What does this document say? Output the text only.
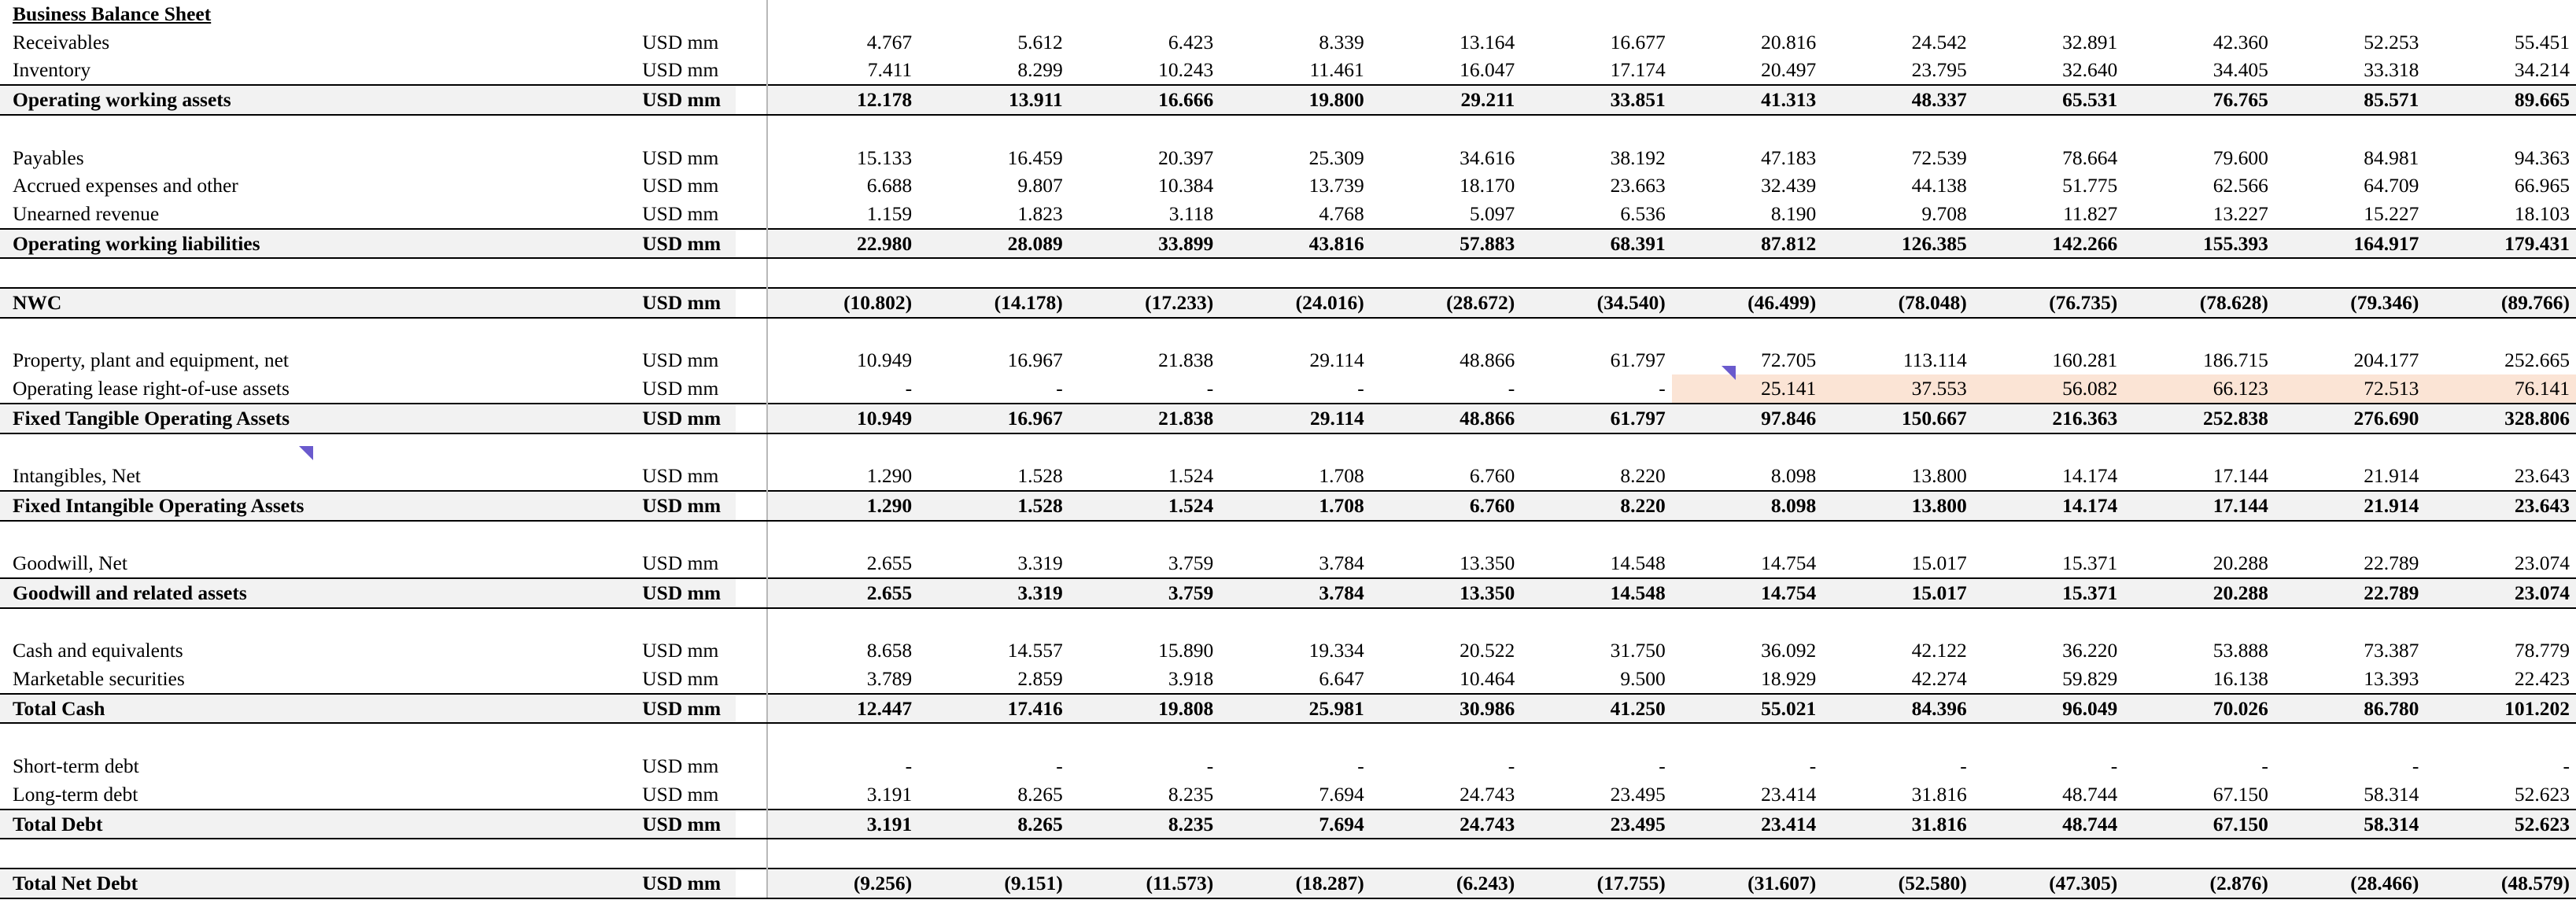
Business Balance Sheet														
Receivables	USD mm		4.767	5.612	6.423	8.339	13.164	16.677	20.816	24.542	32.891	42.360	52.253	55.451
Inventory	USD mm		7.411	8.299	10.243	11.461	16.047	17.174	20.497	23.795	32.640	34.405	33.318	34.214
Operating working assets	USD mm		12.178	13.911	16.666	19.800	29.211	33.851	41.313	48.337	65.531	76.765	85.571	89.665

Payables	USD mm		15.133	16.459	20.397	25.309	34.616	38.192	47.183	72.539	78.664	79.600	84.981	94.363
Accrued expenses and other	USD mm		6.688	9.807	10.384	13.739	18.170	23.663	32.439	44.138	51.775	62.566	64.709	66.965
Unearned revenue	USD mm		1.159	1.823	3.118	4.768	5.097	6.536	8.190	9.708	11.827	13.227	15.227	18.103
Operating working liabilities	USD mm		22.980	28.089	33.899	43.816	57.883	68.391	87.812	126.385	142.266	155.393	164.917	179.431

NWC	USD mm		(10.802)	(14.178)	(17.233)	(24.016)	(28.672)	(34.540)	(46.499)	(78.048)	(76.735)	(78.628)	(79.346)	(89.766)

Property, plant and equipment, net	USD mm		10.949	16.967	21.838	29.114	48.866	61.797	72.705	113.114	160.281	186.715	204.177	252.665
Operating lease right-of-use assets	USD mm		-	-	-	-	-	-	25.141	37.553	56.082	66.123	72.513	76.141
Fixed Tangible Operating Assets	USD mm		10.949	16.967	21.838	29.114	48.866	61.797	97.846	150.667	216.363	252.838	276.690	328.806

Intangibles, Net	USD mm		1.290	1.528	1.524	1.708	6.760	8.220	8.098	13.800	14.174	17.144	21.914	23.643
Fixed Intangible Operating Assets	USD mm		1.290	1.528	1.524	1.708	6.760	8.220	8.098	13.800	14.174	17.144	21.914	23.643

Goodwill, Net	USD mm		2.655	3.319	3.759	3.784	13.350	14.548	14.754	15.017	15.371	20.288	22.789	23.074
Goodwill and related assets	USD mm		2.655	3.319	3.759	3.784	13.350	14.548	14.754	15.017	15.371	20.288	22.789	23.074

Cash and equivalents	USD mm		8.658	14.557	15.890	19.334	20.522	31.750	36.092	42.122	36.220	53.888	73.387	78.779
Marketable securities	USD mm		3.789	2.859	3.918	6.647	10.464	9.500	18.929	42.274	59.829	16.138	13.393	22.423
Total Cash	USD mm		12.447	17.416	19.808	25.981	30.986	41.250	55.021	84.396	96.049	70.026	86.780	101.202

Short-term debt	USD mm		-	-	-	-	-	-	-	-	-	-	-	-
Long-term debt	USD mm		3.191	8.265	8.235	7.694	24.743	23.495	23.414	31.816	48.744	67.150	58.314	52.623
Total Debt	USD mm		3.191	8.265	8.235	7.694	24.743	23.495	23.414	31.816	48.744	67.150	58.314	52.623

Total Net Debt	USD mm		(9.256)	(9.151)	(11.573)	(18.287)	(6.243)	(17.755)	(31.607)	(52.580)	(47.305)	(2.876)	(28.466)	(48.579)
